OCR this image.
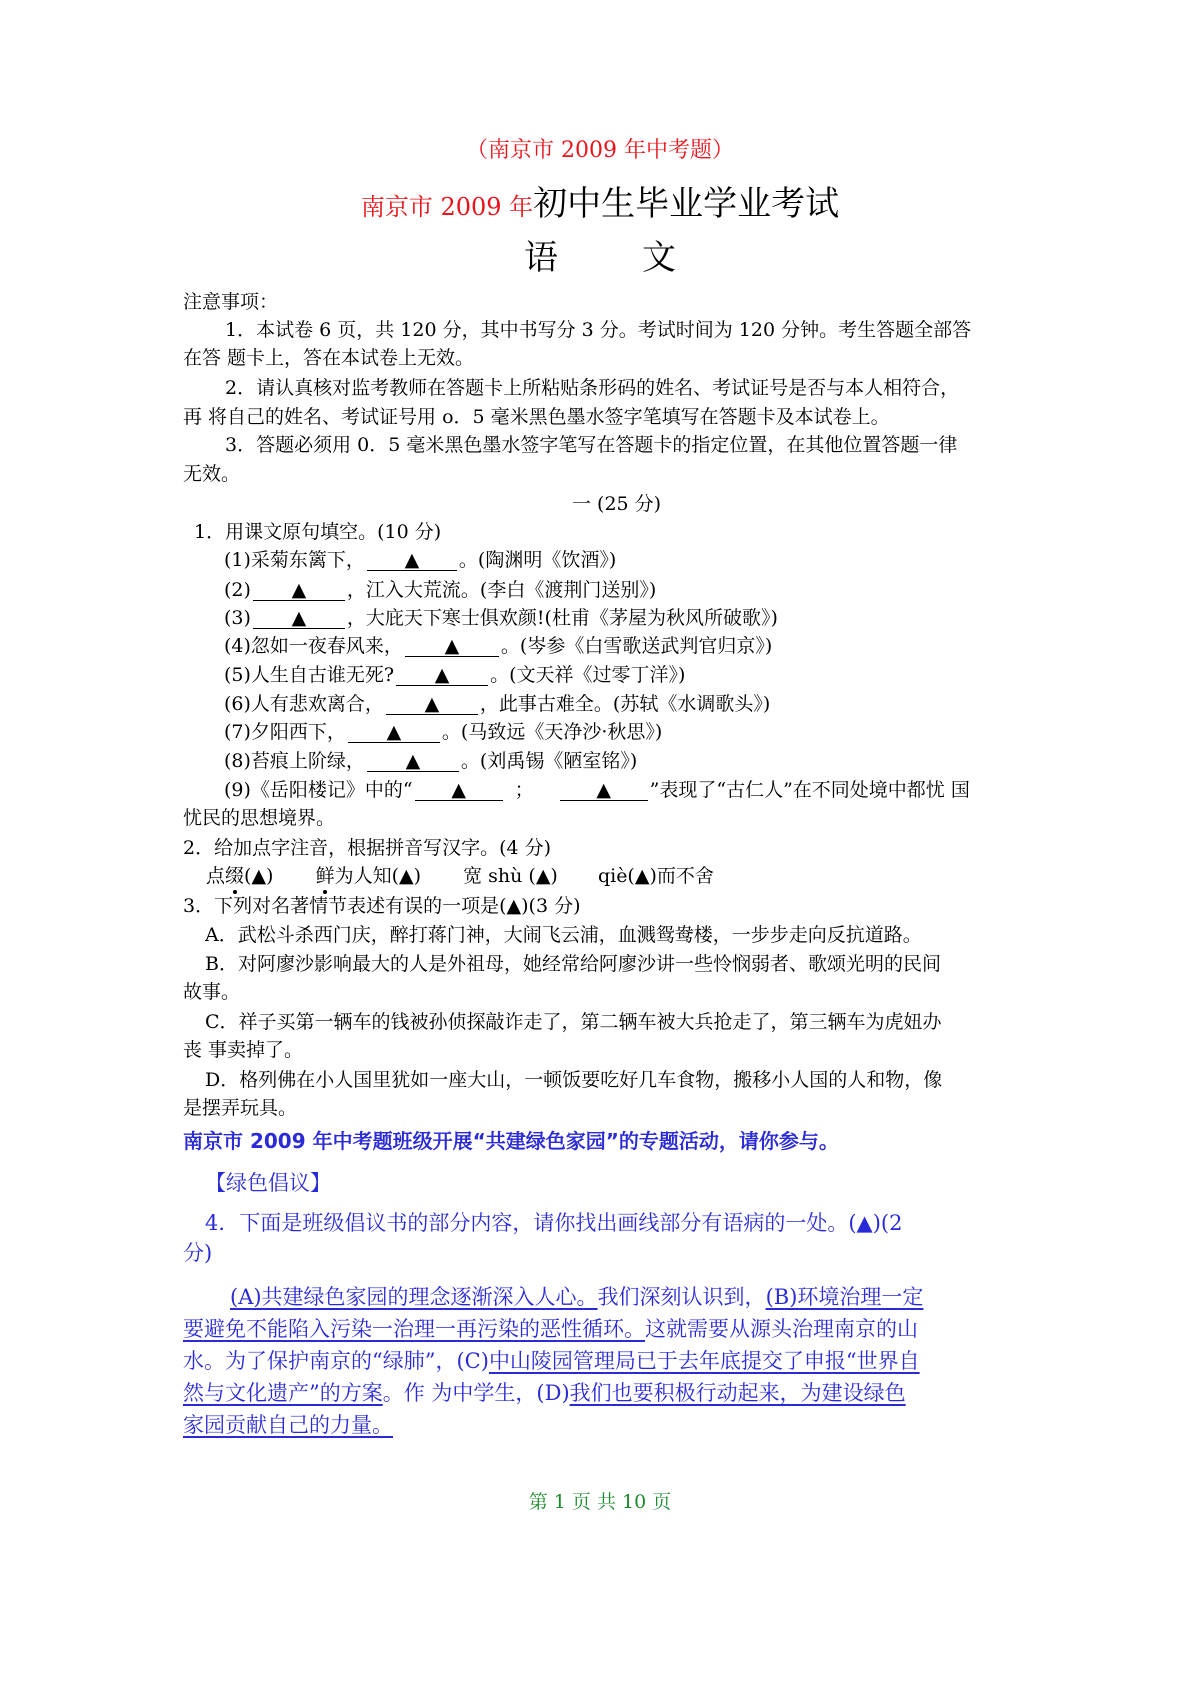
（南京市 2009 年中考题）
南京市 2009 年初中生毕业学业考试
语 文
注意事项：
1．本试卷 6 页，共 120 分，其中书写分 3 分。考试时间为 120 分钟。考生答题全部答
在答 题卡上，答在本试卷上无效。
2．请认真核对监考教师在答题卡上所粘贴条形码的姓名、考试证号是否与本人相符合，
再 将自己的姓名、考试证号用 o．5 毫米黑色墨水签字笔填写在答题卡及本试卷上。
3．答题必须用 0．5 毫米黑色墨水签字笔写在答题卡的指定位置，在其他位置答题一律
无效。
一 (25 分)
1．用课文原句填空。(10 分)
(1)采菊东篱下， ▲ 。(陶渊明《饮酒》)
(2) ▲ ，江入大荒流。(李白《渡荆门送别》)
(3) ▲ ，大庇天下寒士俱欢颜!(杜甫《茅屋为秋风所破歌》)
(4)忽如一夜春风来， ▲ 。(岑参《白雪歌送武判官归京》)
(5)人生自古谁无死? ▲ 。(文天祥《过零丁洋》)
(6)人有悲欢离合， ▲ ，此事古难全。(苏轼《水调歌头》)
(7)夕阳西下， ▲ 。(马致远《天净沙·秋思》)
(8)苔痕上阶绿， ▲ 。(刘禹锡《陋室铭》)
(9)《岳阳楼记》中的“ ▲	；	▲ ”表现了“古仁人”在不同处境中都忧 国
忧民的思想境界。
2．给加点字注音，根据拼音写汉字。(4 分)
点缀(▲) 鲜为人知(▲) 宽 shù (▲) qiè(▲)而不舍
3．下列对名著情节表述有误的一项是(▲)(3 分)
A．武松斗杀西门庆，醉打蒋门神，大闹飞云浦，血溅鸳鸯楼，一步步走向反抗道路。
B．对阿廖沙影响最大的人是外祖母，她经常给阿廖沙讲一些怜悯弱者、歌颂光明的民间
故事。
C．祥子买第一辆车的钱被孙侦探敲诈走了，第二辆车被大兵抢走了，第三辆车为虎妞办
丧 事卖掉了。
D．格列佛在小人国里犹如一座大山，一顿饭要吃好几车食物，搬移小人国的人和物，像
是摆弄玩具。
南京市 2009 年中考题班级开展“共建绿色家园”的专题活动，请你参与。
【绿色倡议】
4．下面是班级倡议书的部分内容，请你找出画线部分有语病的一处。(▲)(2
分)
(A)共建绿色家园的理念逐渐深入人心。我们深刻认识到，(B)环境治理一定
要避免不能陷入污染一治理一再污染的恶性循环。这就需要从源头治理南京的山
水。为了保护南京的“绿肺”，(C)中山陵园管理局已于去年底提交了申报“世界自
然与文化遗产”的方案。作 为中学生，(D)我们也要积极行动起来，为建设绿色
家园贡献自己的力量。
第 1 页 共 10 页
